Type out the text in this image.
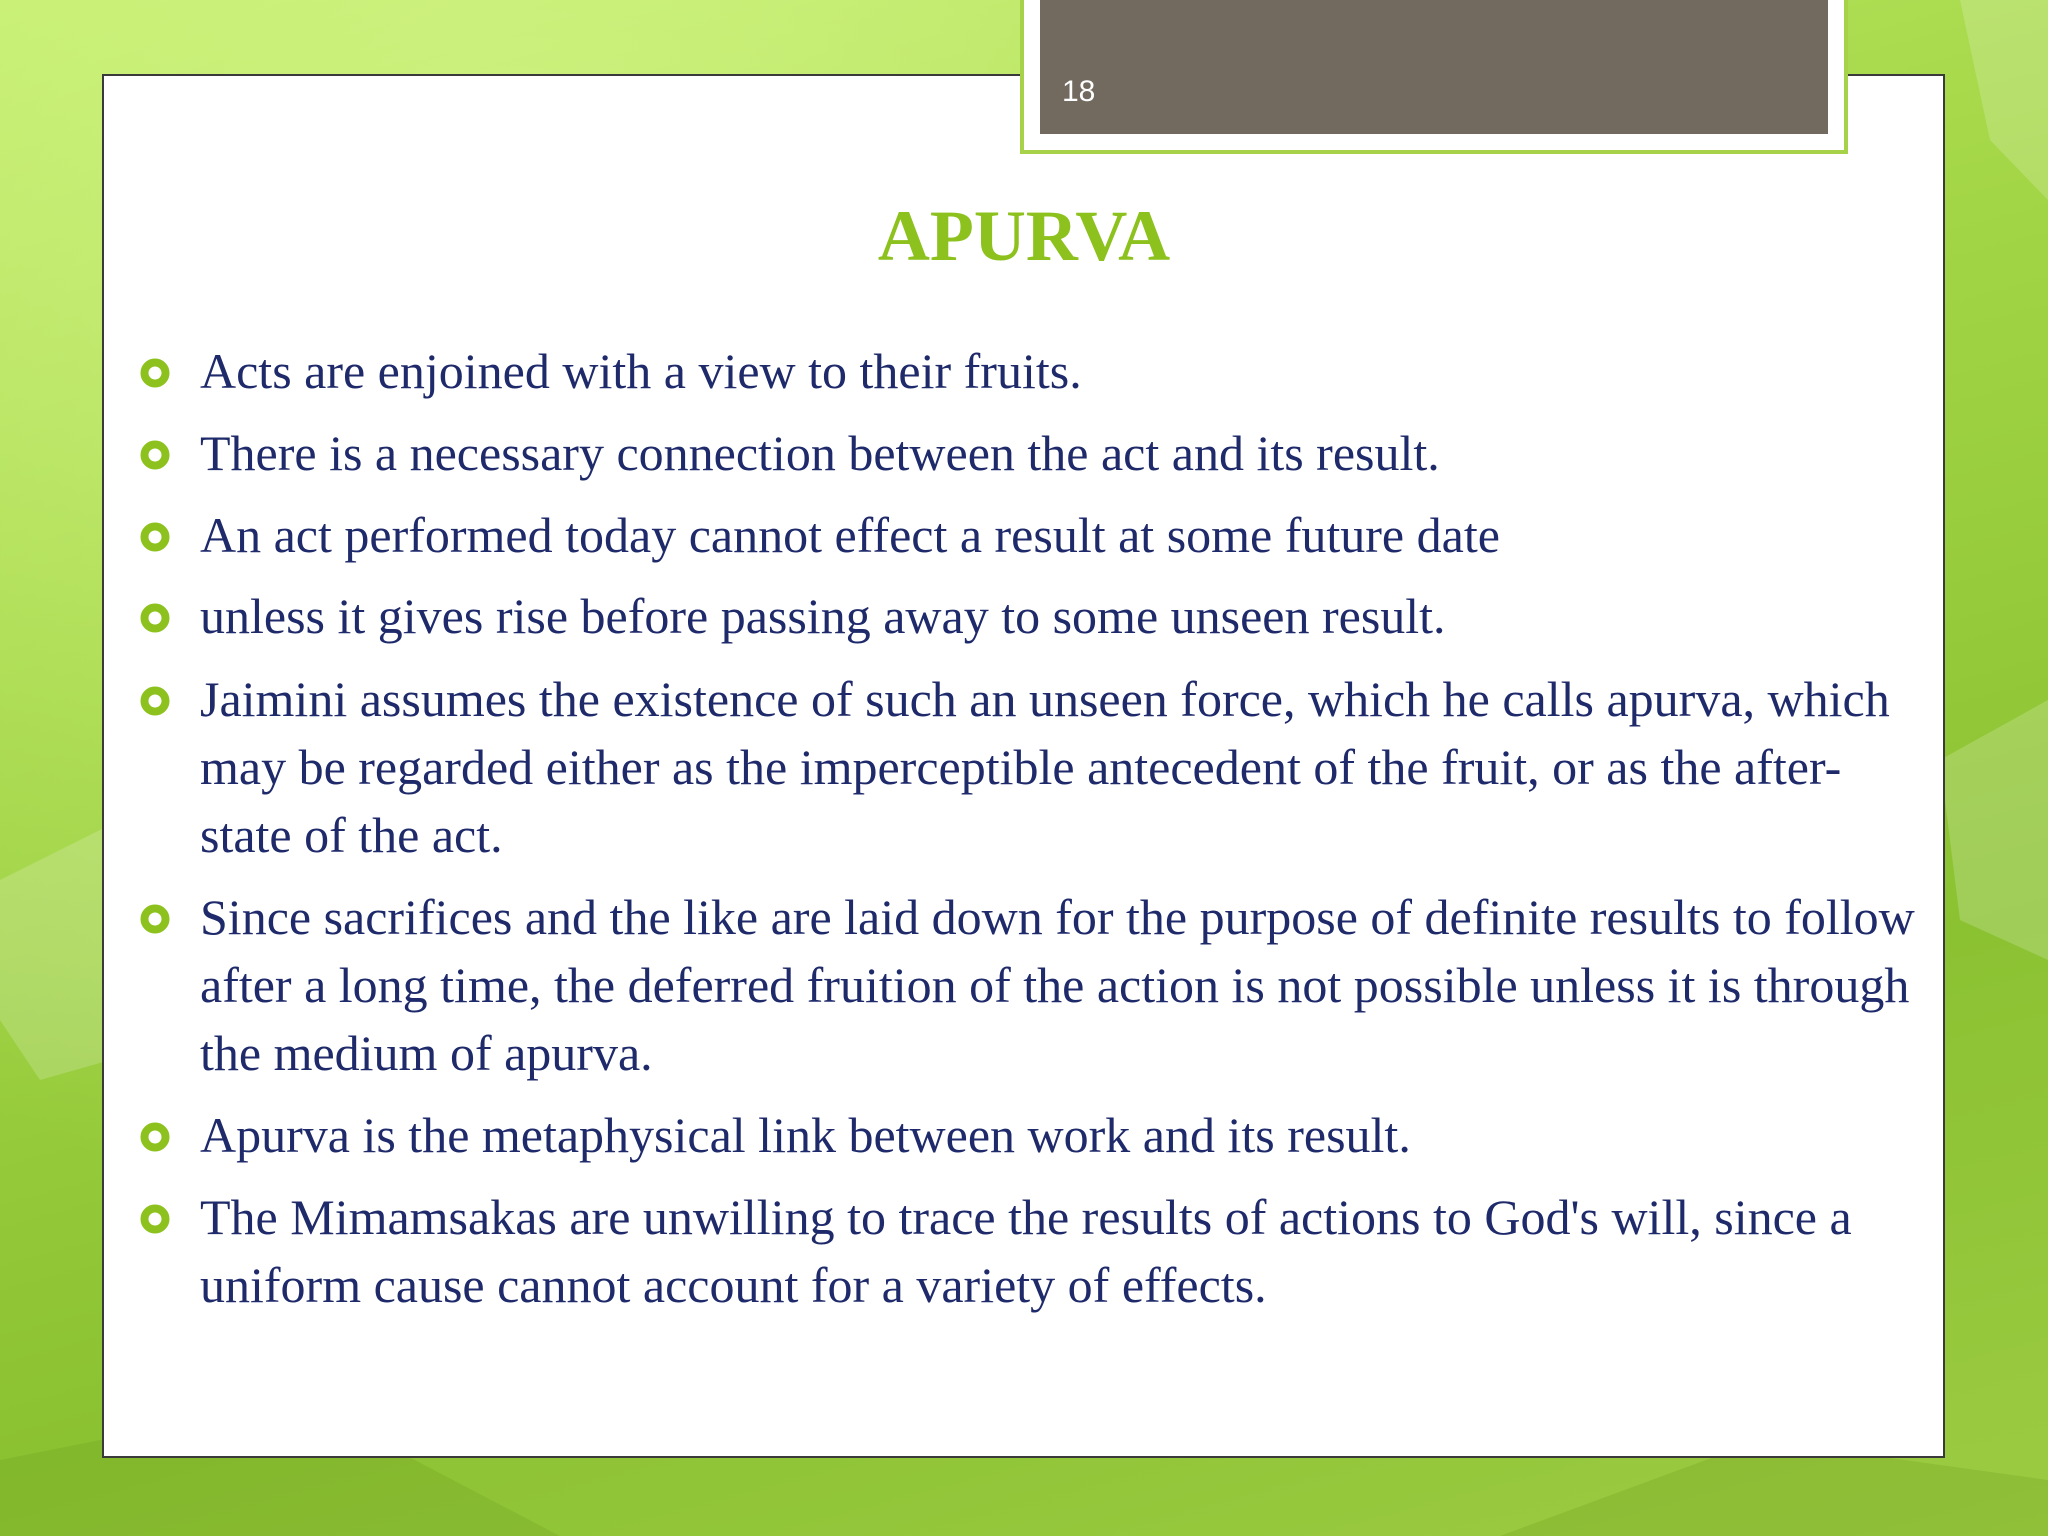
18
APURVA
Acts are enjoined with a view to their fruits.
There is a necessary connection between the act and its result.
An act performed today cannot effect a result at some future date
unless it gives rise before passing away to some unseen result.
Jaimini assumes the existence of such an unseen force, which he calls apurva, which may be regarded either as the imperceptible antecedent of the fruit, or as the after-state of the act.
Since sacrifices and the like are laid down for the purpose of definite results to follow after a long time, the deferred fruition of the action is not possible unless it is through the medium of apurva.
Apurva is the metaphysical link between work and its result.
The Mimamsakas are unwilling to trace the results of actions to God's will, since a uniform cause cannot account for a variety of effects.
